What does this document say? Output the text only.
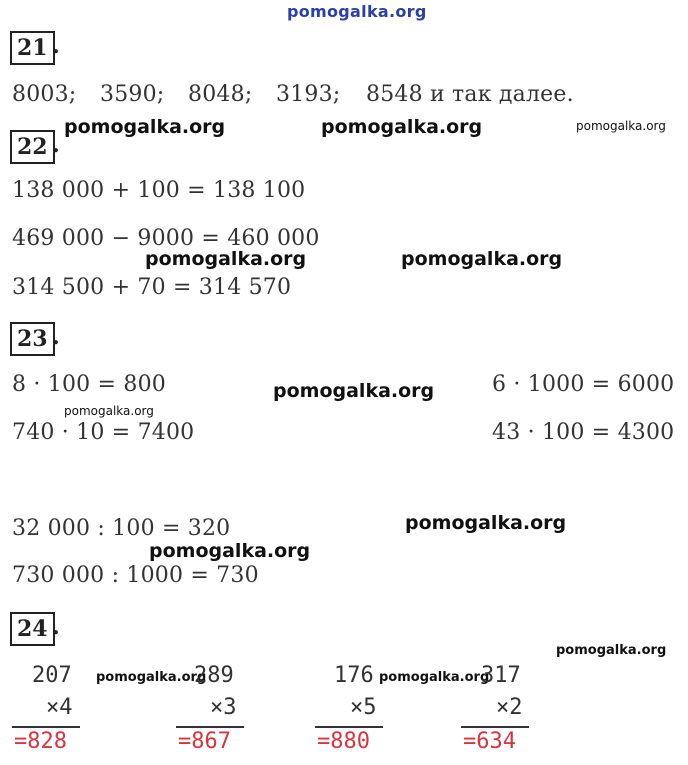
pomogalka.org
21 .
8003; 3590; 8048; 3193; 8548 и так далее.
pomogalka.org	pomogalka.org	pomogalka.org
22 .
138 000 + 100 = 138 100
469 000 − 9000 = 460 000
pomogalka.org	pomogalka.org
314 500 + 70 = 314 570
23 .
8 · 100 = 800	pomogalka.org	6 · 1000 = 6000
pomogalka.org
740 · 10 = 7400	43 · 100 = 4300
pomogalka.org
32 000 : 100 = 320
pomogalka.org
730 000 : 1000 = 730
24 .
pomogalka.org
207 pomogalka.org
×4
=828
289
×3
=867
176 pomogalka.org
×5
=880
317
×2
=634
